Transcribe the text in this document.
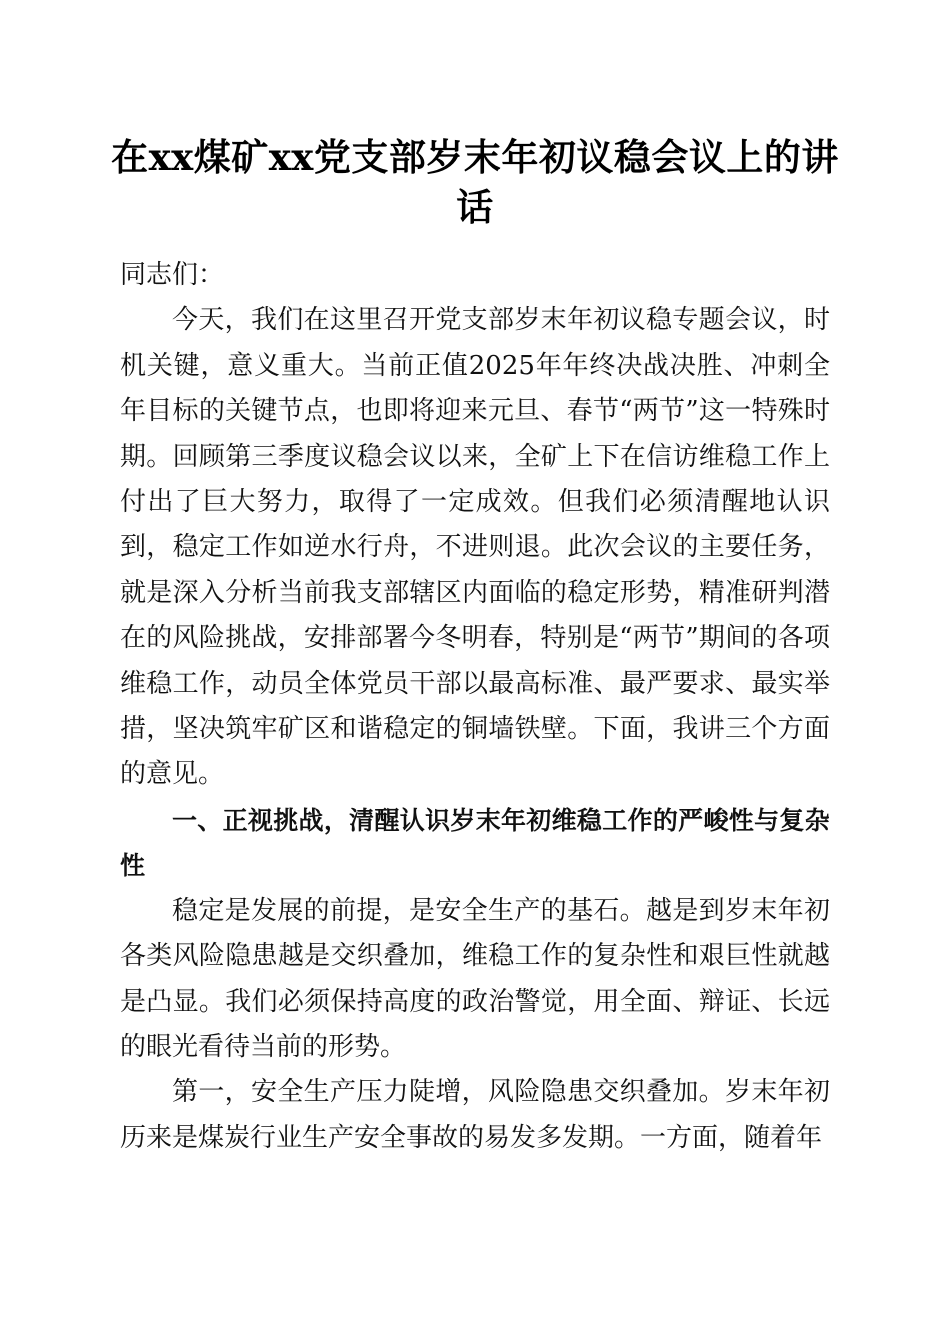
在xx煤矿xx党支部岁末年初议稳会议上的讲话

同志们：

今天，我们在这里召开党支部岁末年初议稳专题会议，时机关键，意义重大。当前正值2025年年终决战决胜、冲刺全年目标的关键节点，也即将迎来元旦、春节“两节”这一特殊时期。回顾第三季度议稳会议以来，全矿上下在信访维稳工作上付出了巨大努力，取得了一定成效。但我们必须清醒地认识到，稳定工作如逆水行舟，不进则退。此次会议的主要任务，就是深入分析当前我支部辖区内面临的稳定形势，精准研判潜在的风险挑战，安排部署今冬明春，特别是“两节”期间的各项维稳工作，动员全体党员干部以最高标准、最严要求、最实举措，坚决筑牢矿区和谐稳定的铜墙铁壁。下面，我讲三个方面的意见。

一、正视挑战，清醒认识岁末年初维稳工作的严峻性与复杂性

稳定是发展的前提，是安全生产的基石。越是到岁末年初各类风险隐患越是交织叠加，维稳工作的复杂性和艰巨性就越是凸显。我们必须保持高度的政治警觉，用全面、辩证、长远的眼光看待当前的形势。

第一，安全生产压力陡增，风险隐患交织叠加。岁末年初历来是煤炭行业生产安全事故的易发多发期。一方面，随着年
